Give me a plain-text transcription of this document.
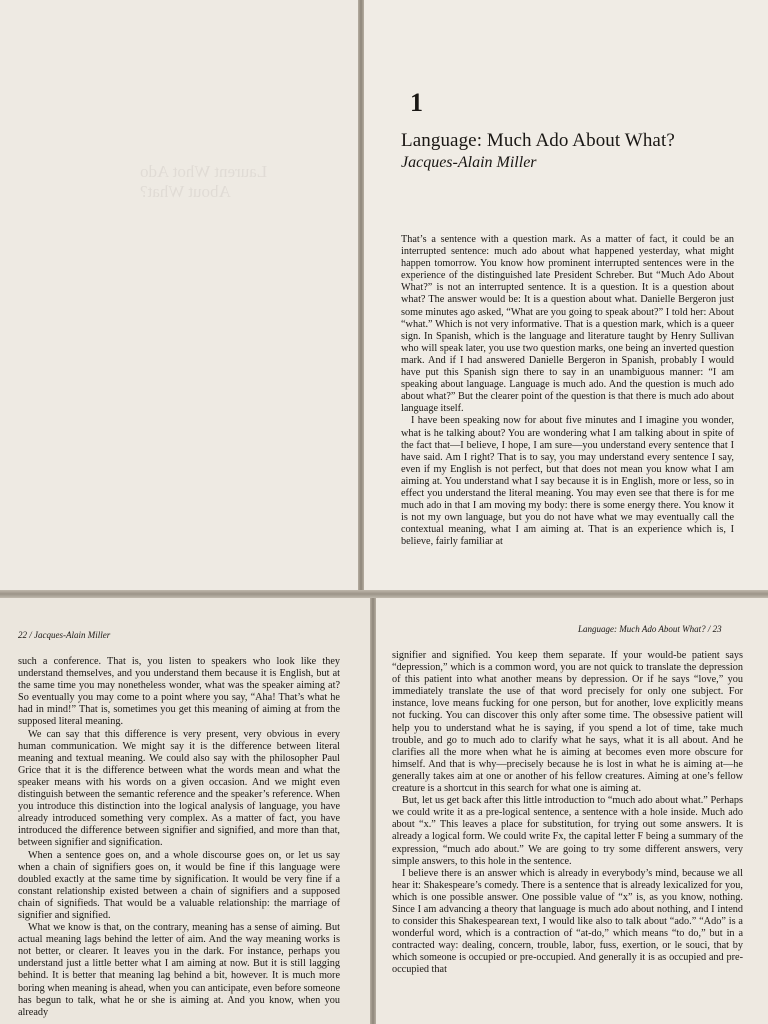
Laurent Whot Ado About What?
1
Language: Much Ado About What?
Jacques-Alain Miller

That’s a sentence with a question mark. As a matter of fact, it could be an interrupted sentence: much ado about what happened yesterday, what might happen tomorrow. You know how prominent interrupted sentences were in the experience of the distinguished late President Schreber. But “Much Ado About What?” is not an interrupted sentence. It is a question. It is a question about what? The answer would be: It is a question about what. Danielle Bergeron just some minutes ago asked, “What are you going to speak about?” I told her: About “what.” Which is not very informative. That is a question mark, which is a queer sign. In Spanish, which is the language and literature taught by Henry Sullivan who will speak later, you use two question marks, one being an inverted question mark. And if I had answered Danielle Bergeron in Spanish, probably I would have put this Spanish sign there to say in an unambiguous manner: “I am speaking about language. Language is much ado. And the question is much ado about what?” But the clearer point of the question is that there is much ado about language itself.

I have been speaking now for about five minutes and I imagine you wonder, what is he talking about? You are wondering what I am talking about in spite of the fact that—I believe, I hope, I am sure—you understand every sentence that I have said. Am I right? That is to say, you may understand every sentence I say, even if my English is not perfect, but that does not mean you know what I am aiming at. You understand what I say because it is in English, more or less, so in effect you understand the literal meaning. You may even see that there is for me much ado in that I am moving my body: there is some energy there. You know it is not my own language, but you do not have what we may eventually call the contextual meaning, what I am aiming at. That is an experience which is, I believe, fairly familiar at

22 / Jacques-Alain Miller

such a conference. That is, you listen to speakers who look like they understand themselves, and you understand them because it is English, but at the same time you may nonetheless wonder, what was the speaker aiming at? So eventually you may come to a point where you say, “Aha! That’s what he had in mind!” That is, sometimes you get this meaning of aiming at from the supposed literal meaning.

We can say that this difference is very present, very obvious in every human communication. We might say it is the difference between literal meaning and textual meaning. We could also say with the philosopher Paul Grice that it is the difference between what the words mean and what the speaker means with his words on a given occasion. And we might even distinguish between the semantic reference and the speaker’s reference. When you introduce this distinction into the logical analysis of language, you have already introduced something very complex. As a matter of fact, you have introduced the difference between signifier and signified, and more than that, between signifier and signification.

When a sentence goes on, and a whole discourse goes on, or let us say when a chain of signifiers goes on, it would be fine if this language were doubled exactly at the same time by signification. It would be very fine if a constant relationship existed between a chain of signifiers and a supposed chain of signifieds. That would be a valuable relationship: the marriage of signifier and signified.

What we know is that, on the contrary, meaning has a sense of aiming. But actual meaning lags behind the letter of aim. And the way meaning works is not better, or clearer. It leaves you in the dark. For instance, perhaps you understand just a little better what I am aiming at now. But it is still lagging behind. It is better that meaning lag behind a bit, however. It is much more boring when meaning is ahead, when you can anticipate, even before someone has begun to talk, what he or she is aiming at. And you know, when you already

Language: Much Ado About What? / 23

signifier and signified. You keep them separate. If your would-be patient says “depression,” which is a common word, you are not quick to translate the depression of this patient into what another means by depression. Or if he says “love,” you immediately translate the use of that word precisely for only one subject. For instance, love means fucking for one person, but for another, love explicitly means not fucking. You can discover this only after some time. The obsessive patient will help you to understand what he is saying, if you spend a lot of time, take much trouble, and go to much ado to clarify what he says, what it is all about. And he clarifies all the more when what he is aiming at becomes even more obscure for himself. And that is why—precisely because he is lost in what he is aiming at—he generally takes aim at one or another of his fellow creatures. Aiming at one’s fellow creature is a shortcut in this search for what one is aiming at.

But, let us get back after this little introduction to “much ado about what.” Perhaps we could write it as a pre-logical sentence, a sentence with a hole inside. Much ado about “x.” This leaves a place for substitution, for trying out some answers. It is already a logical form. We could write Fx, the capital letter F being a summary of the expression, “much ado about.” We are going to try some different answers, very simple answers, to this hole in the sentence.

I believe there is an answer which is already in everybody’s mind, because we all hear it: Shakespeare’s comedy. There is a sentence that is already lexicalized for you, which is one possible answer. One possible value of “x” is, as you know, nothing. Since I am advancing a theory that language is much ado about nothing, and I intend to consider this Shakespearean text, I would like also to talk about “ado.” “Ado” is a wonderful word, which is a contraction of “at-do,” which means “to do,” but in a contracted way: dealing, concern, trouble, labor, fuss, exertion, or le souci, that by which someone is occupied or pre-occupied. And generally it is as occupied and pre-occupied that
